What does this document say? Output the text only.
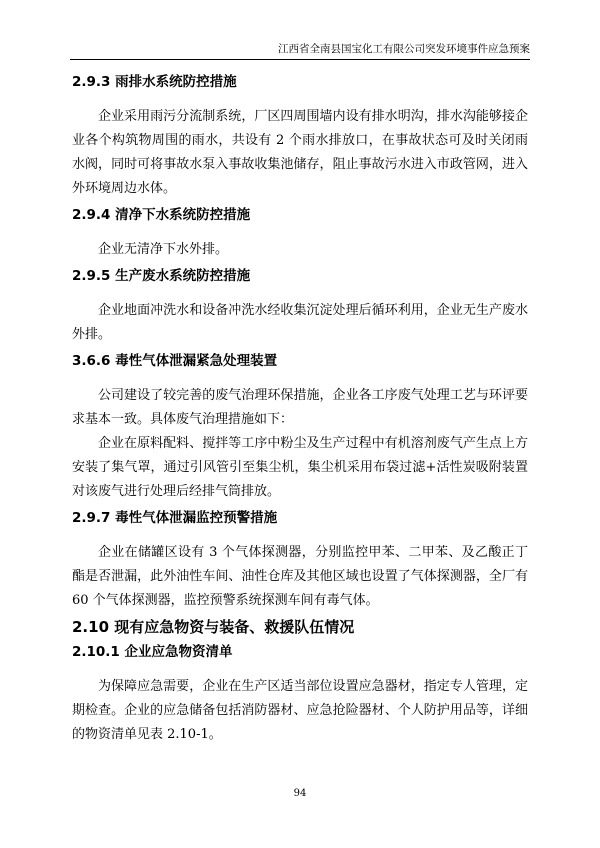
江西省全南县国宝化工有限公司突发环境事件应急预案
2.9.3 雨排水系统防控措施

企业采用雨污分流制系统，厂区四周围墙内设有排水明沟，排水沟能够接企业各个构筑物周围的雨水，共设有 2 个雨水排放口，在事故状态可及时关闭雨水阀，同时可将事故水泵入事故收集池储存，阻止事故污水进入市政管网，进入外环境周边水体。

2.9.4 清净下水系统防控措施

企业无清净下水外排。

2.9.5 生产废水系统防控措施

企业地面冲洗水和设备冲洗水经收集沉淀处理后循环利用，企业无生产废水外排。

3.6.6 毒性气体泄漏紧急处理装置

公司建设了较完善的废气治理环保措施，企业各工序废气处理工艺与环评要求基本一致。具体废气治理措施如下：

企业在原料配料、搅拌等工序中粉尘及生产过程中有机溶剂废气产生点上方安装了集气罩，通过引风管引至集尘机，集尘机采用布袋过滤+活性炭吸附装置对该废气进行处理后经排气筒排放。

2.9.7 毒性气体泄漏监控预警措施

企业在储罐区设有 3 个气体探测器，分别监控甲苯、二甲苯、及乙酸正丁酯是否泄漏，此外油性车间、油性仓库及其他区域也设置了气体探测器，全厂有 60 个气体探测器，监控预警系统探测车间有毒气体。

2.10 现有应急物资与装备、救援队伍情况
2.10.1 企业应急物资清单

为保障应急需要，企业在生产区适当部位设置应急器材，指定专人管理，定期检查。企业的应急储备包括消防器材、应急抢险器材、个人防护用品等，详细的物资清单见表 2.10-1。

94
